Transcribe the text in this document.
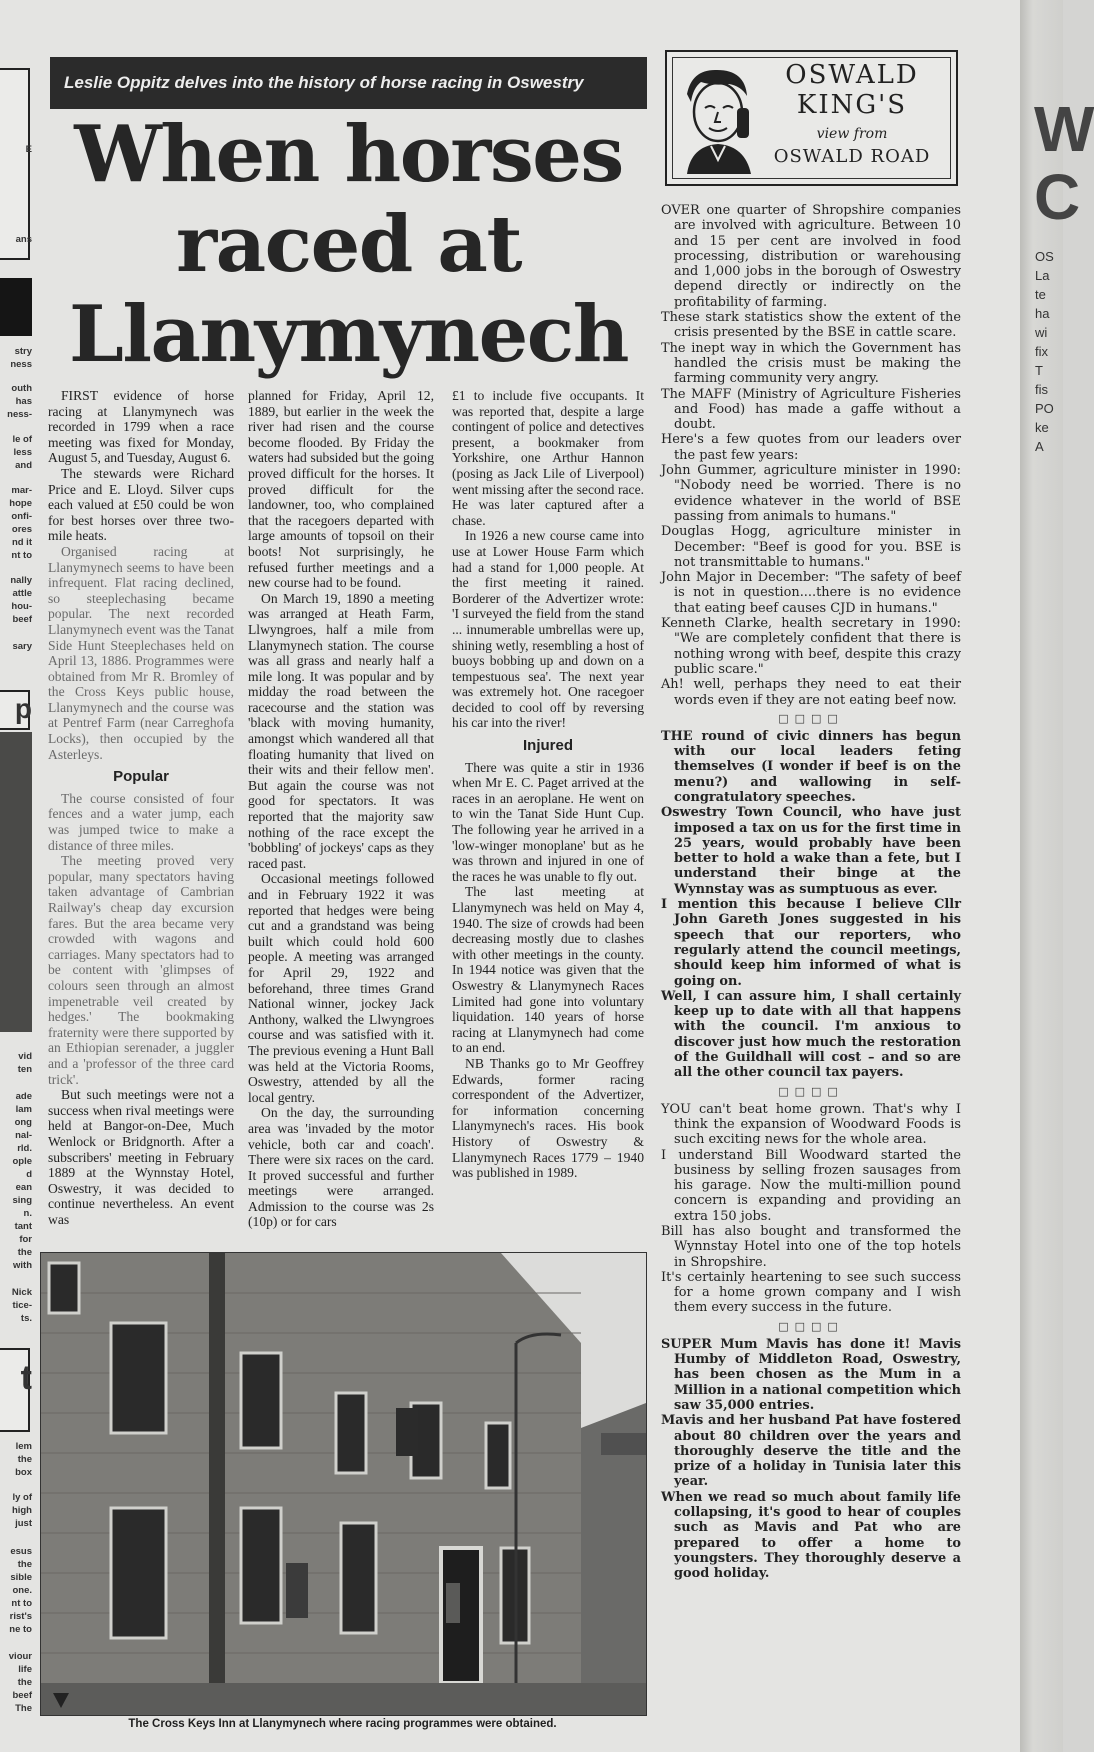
E
ans
stry
ness
outh
has
ness-
le of
less
and
mar-
hope
onfi-
ores
nd it
nt to
nally
attle
hou-
beef
sary
p
vid
ten
ade
lam
ong
nal-
rld.
ople
d
ean
sing
n.
tant
for
the
with
Nick
tice-
ts.
t
lem
the
box
ly of
high
just
esus
the
sible
one.
nt to
rist's
ne to
viour
life
the
beef
The
W
C
OS
La
te
ha
wi
fix
T
fis
PO
ke
A
Leslie Oppitz delves into the history of horse racing in Oswestry
When horses
raced at
Llanymynech

FIRST evidence of horse racing at Llanymynech was recorded in 1799 when a race meeting was fixed for Monday, August 5, and Tuesday, August 6.

The stewards were Richard Price and E. Lloyd. Silver cups each valued at £50 could be won for best horses over three two-mile heats.

Organised racing at Llanymynech seems to have been infrequent. Flat racing declined, so steeplechasing became popular. The next recorded Llanymynech event was the Tanat Side Hunt Steeplechases held on April 13, 1886. Programmes were obtained from Mr R. Bromley of the Cross Keys public house, Llanymynech and the course was at Pentref Farm (near Carreghofa Locks), then occupied by the Asterleys.

Popular

The course consisted of four fences and a water jump, each was jumped twice to make a distance of three miles.

The meeting proved very popular, many spectators having taken advantage of Cambrian Railway's cheap day excursion fares. But the area became very crowded with wagons and carriages. Many spectators had to be content with 'glimpses of colours seen through an almost impenetrable veil created by hedges.' The bookmaking fraternity were there supported by an Ethiopian serenader, a juggler and a 'professor of the three card trick'.

But such meetings were not a success when rival meetings were held at Bangor-on-Dee, Much Wenlock or Bridgnorth. After a subscribers' meeting in February 1889 at the Wynnstay Hotel, Oswestry, it was decided to continue nevertheless. An event was

planned for Friday, April 12, 1889, but earlier in the week the river had risen and the course become flooded. By Friday the waters had subsided but the going proved difficult for the horses. It proved difficult for the landowner, too, who complained that the racegoers departed with large amounts of topsoil on their boots! Not surprisingly, he refused further meetings and a new course had to be found.

On March 19, 1890 a meeting was arranged at Heath Farm, Llwyngroes, half a mile from Llanymynech station. The course was all grass and nearly half a mile long. It was popular and by midday the road between the racecourse and the station was 'black with moving humanity, amongst which wandered all that floating humanity that lived on their wits and their fellow men'. But again the course was not good for spectators. It was reported that the majority saw nothing of the race except the 'bobbling' of jockeys' caps as they raced past.

Occasional meetings followed and in February 1922 it was reported that hedges were being cut and a grandstand was being built which could hold 600 people. A meeting was arranged for April 29, 1922 and beforehand, three times Grand National winner, jockey Jack Anthony, walked the Llwyngroes course and was satisfied with it. The previous evening a Hunt Ball was held at the Victoria Rooms, Oswestry, attended by all the local gentry.

On the day, the surrounding area was 'invaded by the motor vehicle, both car and coach'. There were six races on the card. It proved successful and further meetings were arranged. Admission to the course was 2s (10p) or for cars

£1 to include five occupants. It was reported that, despite a large contingent of police and detectives present, a bookmaker from Yorkshire, one Arthur Hannon (posing as Jack Lile of Liverpool) went missing after the second race. He was later captured after a chase.

In 1926 a new course came into use at Lower House Farm which had a stand for 1,000 people. At the first meeting it rained. Borderer of the Advertizer wrote: 'I surveyed the field from the stand ... innumerable umbrellas were up, shining wetly, resembling a host of buoys bobbing up and down on a tempestuous sea'. The next year was extremely hot. One racegoer decided to cool off by reversing his car into the river!

Injured

There was quite a stir in 1936 when Mr E. C. Paget arrived at the races in an aeroplane. He went on to win the Tanat Side Hunt Cup. The following year he arrived in a 'low-winger monoplane' but as he was thrown and injured in one of the races he was unable to fly out.

The last meeting at Llanymynech was held on May 4, 1940. The size of crowds had been decreasing mostly due to clashes with other meetings in the county. In 1944 notice was given that the Oswestry & Llanymynech Races Limited had gone into voluntary liquidation. 140 years of horse racing at Llanymynech had come to an end.

NB Thanks go to Mr Geoffrey Edwards, former racing correspondent of the Advertizer, for information concerning Llanymynech's races. His book History of Oswestry & Llanymynech Races 1779 – 1940 was published in 1989.

The Cross Keys Inn at Llanymynech where racing programmes were obtained.
OSWALD
KING'S
view from
OSWALD ROAD

OVER one quarter of Shropshire companies are involved with agriculture. Between 10 and 15 per cent are involved in food processing, distribution or warehousing and 1,000 jobs in the borough of Oswestry depend directly or indirectly on the profitability of farming.

These stark statistics show the extent of the crisis presented by the BSE in cattle scare.

The inept way in which the Government has handled the crisis must be making the farming community very angry.

The MAFF (Ministry of Agriculture Fisheries and Food) has made a gaffe without a doubt.

Here's a few quotes from our leaders over the past few years:

John Gummer, agriculture minister in 1990: "Nobody need be worried. There is no evidence whatever in the world of BSE passing from animals to humans."

Douglas Hogg, agriculture minister in December: "Beef is good for you. BSE is not transmittable to humans."

John Major in December: "The safety of beef is not in question....there is no evidence that eating beef causes CJD in humans."

Kenneth Clarke, health secretary in 1990: "We are completely confident that there is nothing wrong with beef, despite this crazy public scare."

Ah! well, perhaps they need to eat their words even if they are not eating beef now.

□□□□

THE round of civic dinners has begun with our local leaders feting themselves (I wonder if beef is on the menu?) and wallowing in self-congratulatory speeches.

Oswestry Town Council, who have just imposed a tax on us for the first time in 25 years, would probably have been better to hold a wake than a fete, but I understand their binge at the Wynnstay was as sumptuous as ever.

I mention this because I believe Cllr John Gareth Jones suggested in his speech that our reporters, who regularly attend the council meetings, should keep him informed of what is going on.

Well, I can assure him, I shall certainly keep up to date with all that happens with the council. I'm anxious to discover just how much the restoration of the Guildhall will cost – and so are all the other council tax payers.

□□□□

YOU can't beat home grown. That's why I think the expansion of Woodward Foods is such exciting news for the whole area.

I understand Bill Woodward started the business by selling frozen sausages from his garage. Now the multi-million pound concern is expanding and providing an extra 150 jobs.

Bill has also bought and transformed the Wynnstay Hotel into one of the top hotels in Shropshire.

It's certainly heartening to see such success for a home grown company and I wish them every success in the future.

□□□□

SUPER Mum Mavis has done it! Mavis Humby of Middleton Road, Oswestry, has been chosen as the Mum in a Million in a national competition which saw 35,000 entries.

Mavis and her husband Pat have fostered about 80 children over the years and thoroughly deserve the title and the prize of a holiday in Tunisia later this year.

When we read so much about family life collapsing, it's good to hear of couples such as Mavis and Pat who are prepared to offer a home to youngsters. They thoroughly deserve a good holiday.
